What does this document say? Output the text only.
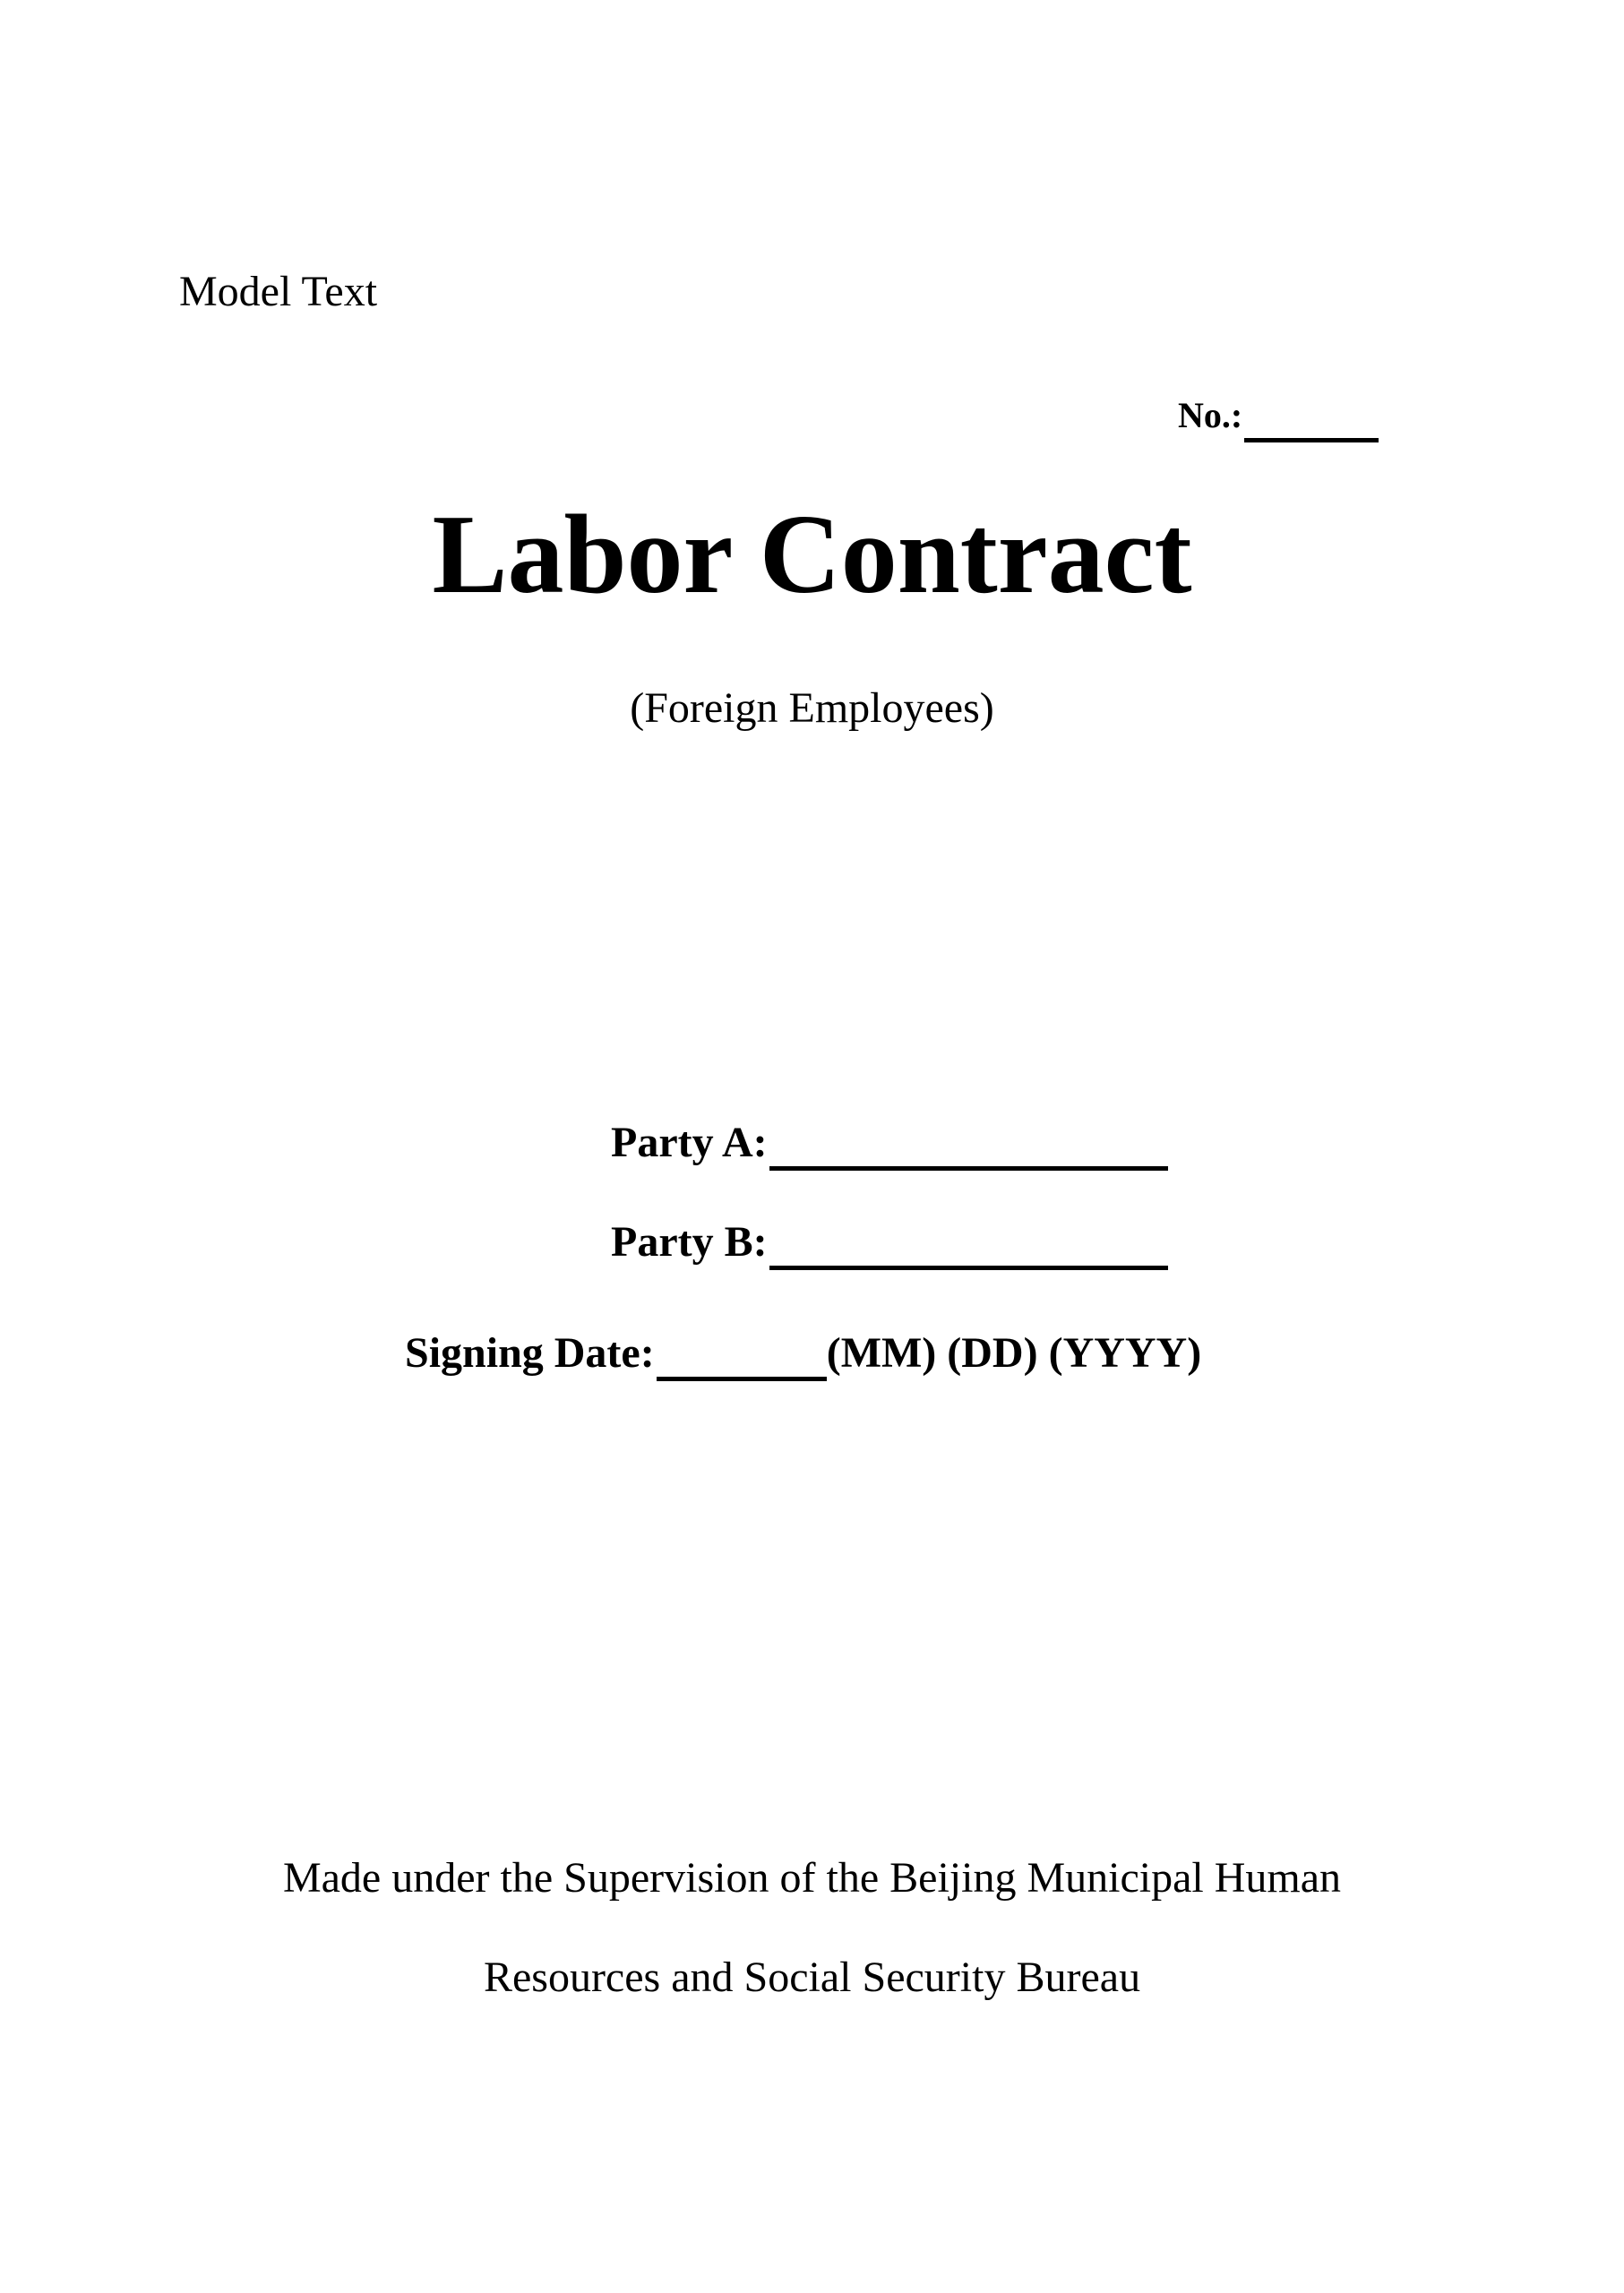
Model Text
No.:
Labor Contract
(Foreign Employees)
Party A:
Party B:
Signing Date:	(MM) (DD) (YYYY)
Made under the Supervision of the Beijing Municipal Human
Resources and Social Security Bureau
